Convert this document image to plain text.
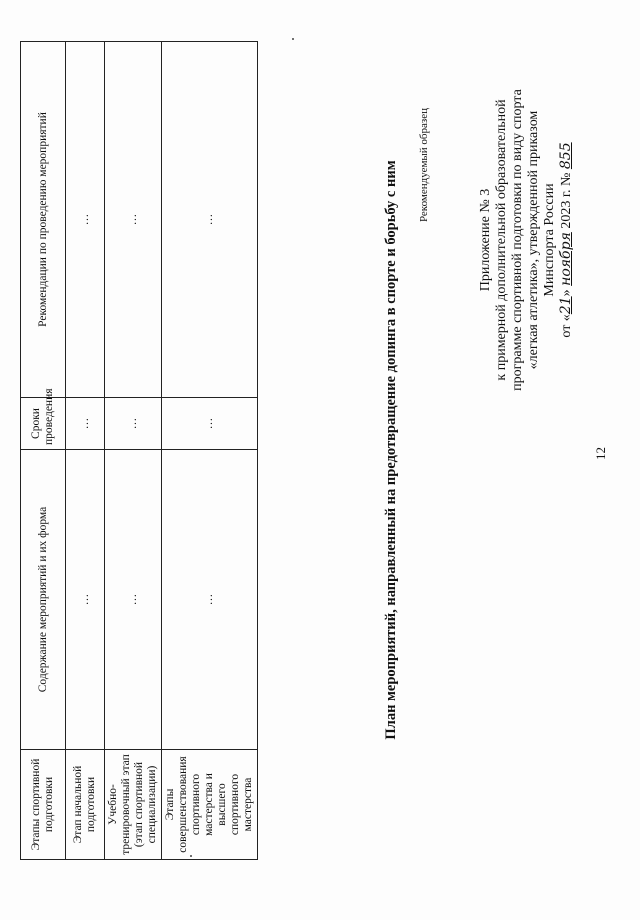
12
Приложение № 3 к примерной дополнительной образовательной программе спортивной подготовки по виду спорта «легкая атлетика», утвержденной приказом Минспорта России
от «21» ноября 2023 г. № 855
Рекомендуемый образец
План мероприятий, направленный на предотвращение допинга в спорте и борьбу с ним
Этапы спортивной подготовки	Содержание мероприятий и их форма	Сроки проведения	Рекомендации по проведению мероприятий
Этап начальной подготовки	…	…	…
Учебно-тренировочный этап (этап спортивной специализации)	…	…	…
Этапы совершенствования спортивного мастерства и высшего спортивного мастерства	…	…	…
